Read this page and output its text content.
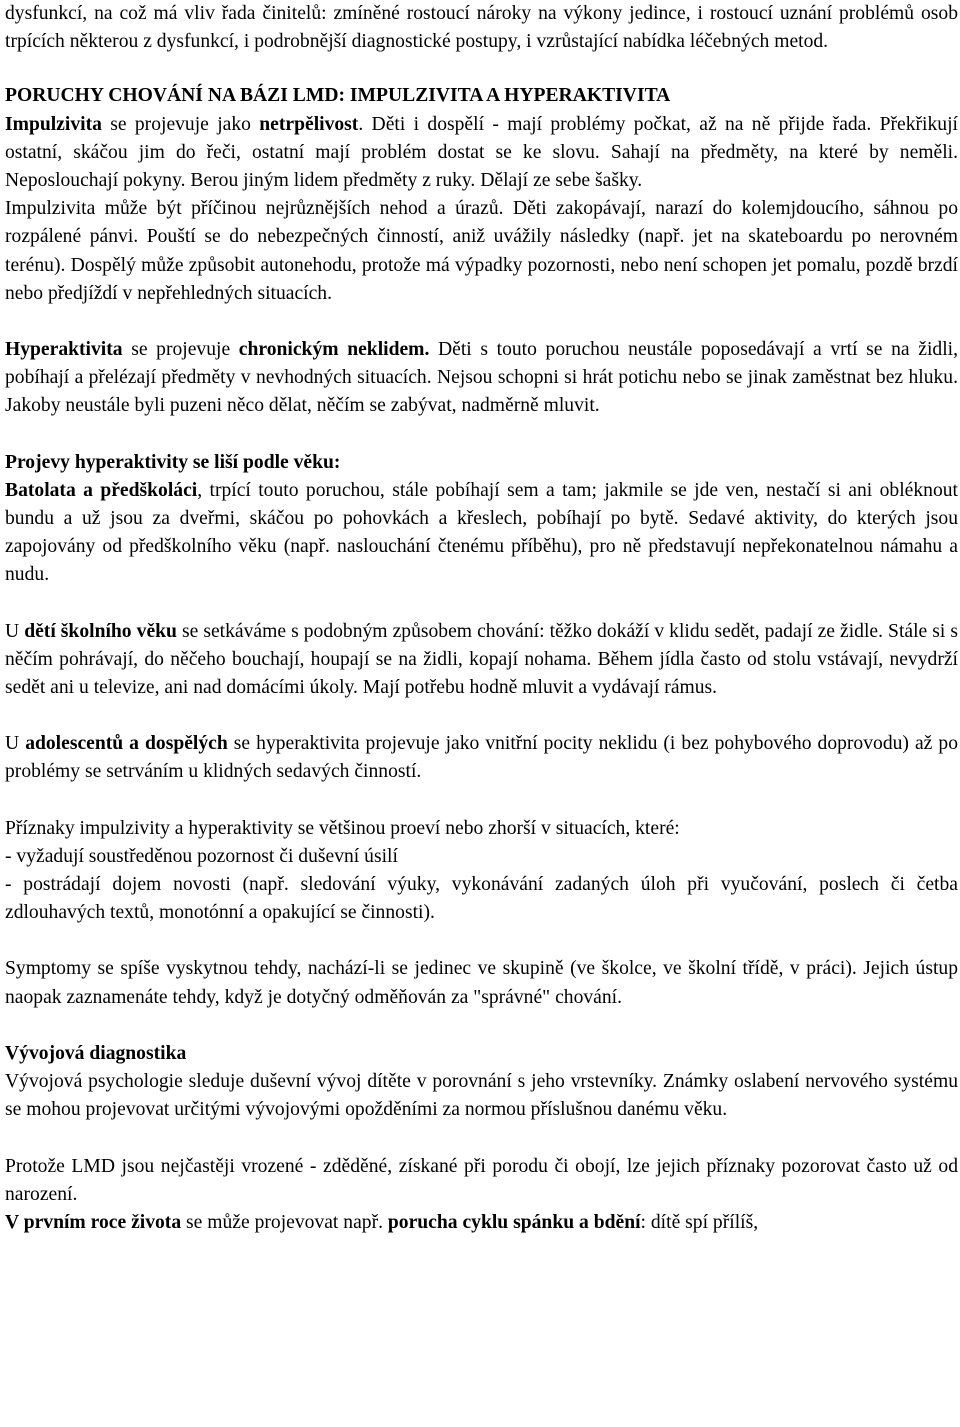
dysfunkcí, na což má vliv řada činitelů: zmíněné rostoucí nároky na výkony jedince, i rostoucí uznání problémů osob trpících některou z dysfunkcí, i podrobnější diagnostické postupy, i vzrůstající nabídka léčebných metod.

PORUCHY CHOVÁNÍ NA BÁZI LMD: IMPULZIVITA A HYPERAKTIVITA

Impulzivita se projevuje jako netrpělivost. Děti i dospělí - mají problémy počkat, až na ně přijde řada. Překřikují ostatní, skáčou jim do řeči, ostatní mají problém dostat se ke slovu. Sahají na předměty, na které by neměli. Neposlouchají pokyny. Berou jiným lidem předměty z ruky. Dělají ze sebe šašky.

Impulzivita může být příčinou nejrůznějších nehod a úrazů. Děti zakopávají, narazí do kolemjdoucího, sáhnou po rozpálené pánvi. Pouští se do nebezpečných činností, aniž uvážily následky (např. jet na skateboardu po nerovném terénu). Dospělý může způsobit autonehodu, protože má výpadky pozornosti, nebo není schopen jet pomalu, pozdě brzdí nebo předjíždí v nepřehledných situacích.

Hyperaktivita se projevuje chronickým neklidem. Děti s touto poruchou neustále poposedávají a vrtí se na židli, pobíhají a přelézají předměty v nevhodných situacích. Nejsou schopni si hrát potichu nebo se jinak zaměstnat bez hluku. Jakoby neustále byli puzeni něco dělat, něčím se zabývat, nadměrně mluvit.

Projevy hyperaktivity se liší podle věku:

Batolata a předškoláci, trpící touto poruchou, stále pobíhají sem a tam; jakmile se jde ven, nestačí si ani obléknout bundu a už jsou za dveřmi, skáčou po pohovkách a křeslech, pobíhají po bytě. Sedavé aktivity, do kterých jsou zapojovány od předškolního věku (např. naslouchání čtenému příběhu), pro ně představují nepřekonatelnou námahu a nudu.

U dětí školního věku se setkáváme s podobným způsobem chování: těžko dokáží v klidu sedět, padají ze židle. Stále si s něčím pohrávají, do něčeho bouchají, houpají se na židli, kopají nohama. Během jídla často od stolu vstávají, nevydrží sedět ani u televize, ani nad domácími úkoly. Mají potřebu hodně mluvit a vydávají rámus.

U adolescentů a dospělých se hyperaktivita projevuje jako vnitřní pocity neklidu (i bez pohybového doprovodu) až po problémy se setrváním u klidných sedavých činností.

Příznaky impulzivity a hyperaktivity se většinou proeví nebo zhorší v situacích, které:
- vyžadují soustředěnou pozornost či duševní úsilí
- postrádají dojem novosti (např. sledování výuky, vykonávání zadaných úloh při vyučování, poslech či četba zdlouhavých textů, monotónní a opakující se činnosti).

Symptomy se spíše vyskytnou tehdy, nachází-li se jedinec ve skupině (ve školce, ve školní třídě, v práci). Jejich ústup naopak zaznamenáte tehdy, když je dotyčný odměňován za "správné" chování.

Vývojová diagnostika

Vývojová psychologie sleduje duševní vývoj dítěte v porovnání s jeho vrstevníky. Známky oslabení nervového systému se mohou projevovat určitými vývojovými opožděními za normou příslušnou danému věku.

Protože LMD jsou nejčastěji vrozené - zděděné, získané při porodu či obojí, lze jejich příznaky pozorovat často už od narození.

V prvním roce života se může projevovat např. porucha cyklu spánku a bdění: dítě spí přílíš,
